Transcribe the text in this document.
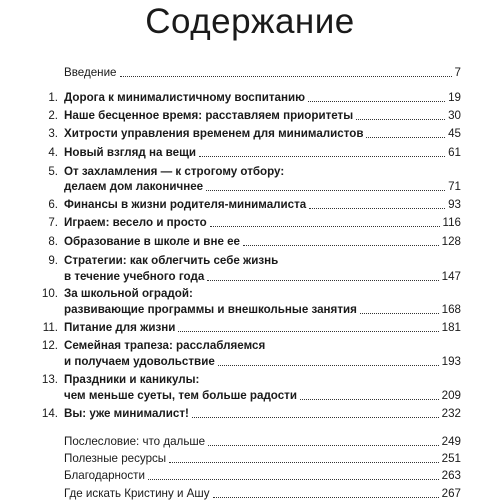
Содержание
Введение	7
1. Дорога к минималистичному воспитанию	19
2. Наше бесценное время: расставляем приоритеты	30
3. Хитрости управления временем для минималистов	45
4. Новый взгляд на вещи	61
5. От захламления — к строгому отбору:
делаем дом лаконичнее	71
6. Финансы в жизни родителя-минималиста	93
7. Играем: весело и просто	116
8. Образование в школе и вне ее	128
9. Стратегии: как облегчить себе жизнь
в течение учебного года	147
10. За школьной оградой:
развивающие программы и внешкольные занятия	168
11. Питание для жизни	181
12. Семейная трапеза: расслабляемся
и получаем удовольствие	193
13. Праздники и каникулы:
чем меньше суеты, тем больше радости	209
14. Вы: уже минималист!	232
Послесловие: что дальше	249
Полезные ресурсы	251
Благодарности	263
Где искать Кристину и Ашу	267
